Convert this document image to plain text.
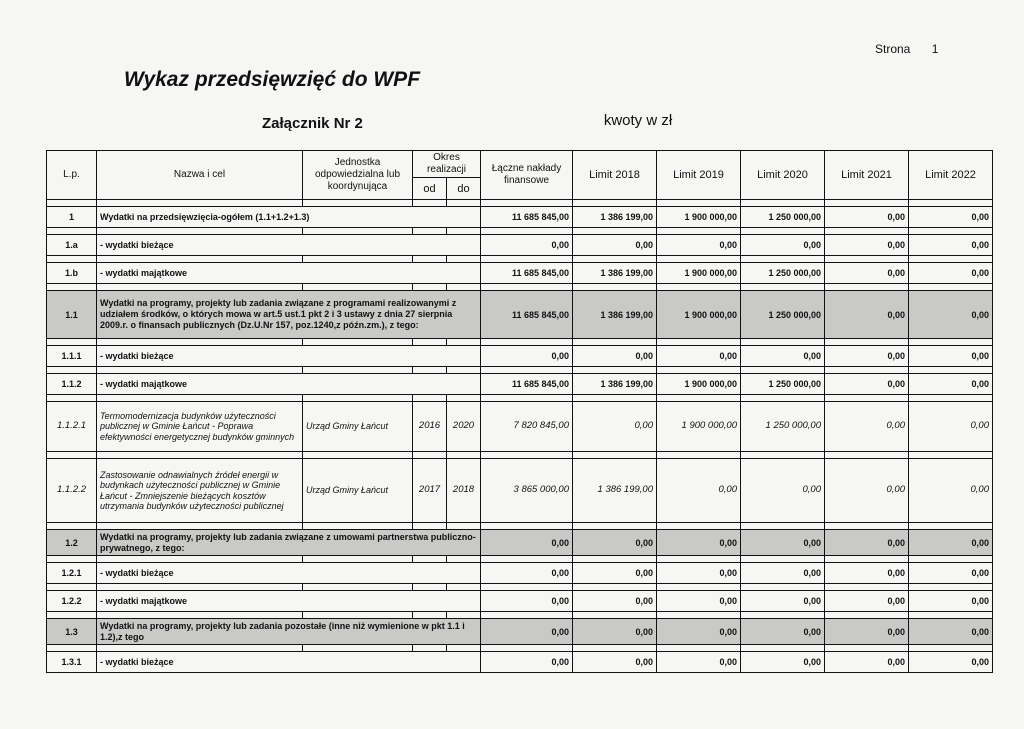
Strona 1
Wykaz przedsięwzięć do WPF
Załącznik Nr 2	kwoty w zł
L.p.	Nazwa i cel	Jednostka odpowiedzialna lub koordynująca	Okres realizacji		Łączne nakłady finansowe	Limit 2018	Limit 2019	Limit 2020	Limit 2021	Limit 2022
			od	do						

1	Wydatki na przedsięwzięcia-ogółem (1.1+1.2+1.3)				11 685 845,00	1 386 199,00	1 900 000,00	1 250 000,00	0,00	0,00

1.a	- wydatki bieżące				0,00	0,00	0,00	0,00	0,00	0,00

1.b	- wydatki majątkowe				11 685 845,00	1 386 199,00	1 900 000,00	1 250 000,00	0,00	0,00

1.1	Wydatki na programy, projekty lub zadania związane z programami realizowanymi z udziałem środków, o których mowa w art.5 ust.1 pkt 2 i 3 ustawy z dnia 27 sierpnia 2009.r. o finansach publicznych (Dz.U.Nr 157, poz.1240,z późn.zm.), z tego:				11 685 845,00	1 386 199,00	1 900 000,00	1 250 000,00	0,00	0,00

1.1.1	- wydatki bieżące				0,00	0,00	0,00	0,00	0,00	0,00

1.1.2	- wydatki majątkowe				11 685 845,00	1 386 199,00	1 900 000,00	1 250 000,00	0,00	0,00

1.1.2.1	Termomodernizacja budynków użyteczności publicznej w Gminie Łańcut - Poprawa efektywności energetycznej budynków gminnych	Urząd Gminy Łańcut	2016	2020	7 820 845,00	0,00	1 900 000,00	1 250 000,00	0,00	0,00

1.1.2.2	Zastosowanie odnawialnych źródeł energii w budynkach użyteczności publicznej w Gminie Łańcut - Zmniejszenie bieżących kosztów utrzymania budynków użyteczności publicznej	Urząd Gminy Łańcut	2017	2018	3 865 000,00	1 386 199,00	0,00	0,00	0,00	0,00

1.2	Wydatki na programy, projekty lub zadania związane z umowami partnerstwa publiczno-prywatnego, z tego:				0,00	0,00	0,00	0,00	0,00	0,00

1.2.1	- wydatki bieżące				0,00	0,00	0,00	0,00	0,00	0,00

1.2.2	- wydatki majątkowe				0,00	0,00	0,00	0,00	0,00	0,00

1.3	Wydatki na programy, projekty lub zadania pozostałe (inne niż wymienione w pkt 1.1 i 1.2),z tego				0,00	0,00	0,00	0,00	0,00	0,00

1.3.1	- wydatki bieżące				0,00	0,00	0,00	0,00	0,00	0,00
